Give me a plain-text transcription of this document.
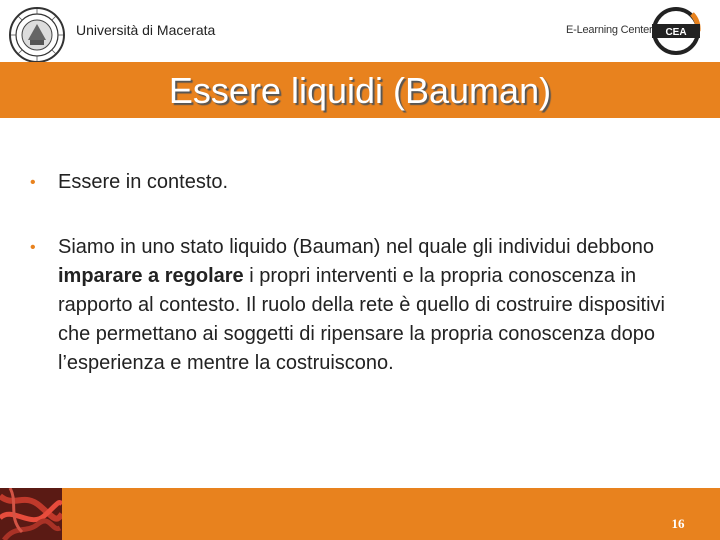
Università di Macerata	E-Learning Center CEA
Essere liquidi (Bauman)
• Essere in contesto.
• Siamo in uno stato liquido (Bauman) nel quale gli individui debbono imparare a regolare i propri interventi e la propria conoscenza in rapporto al contesto. Il ruolo della rete è quello di costruire dispositivi che permettano ai soggetti di ripensare la propria conoscenza dopo l’esperienza e mentre la costruiscono.
16
